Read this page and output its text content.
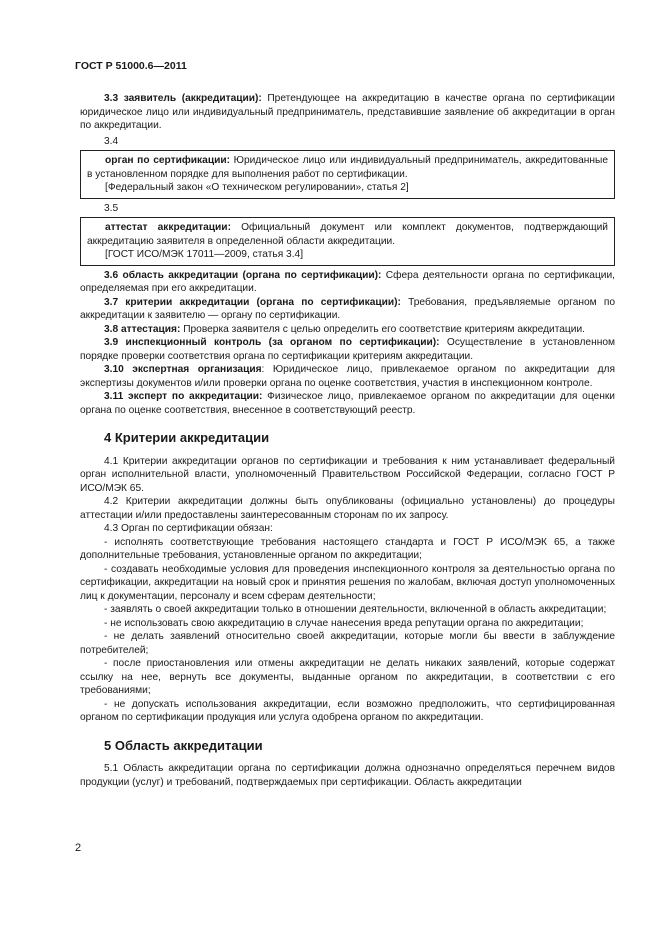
ГОСТ Р 51000.6—2011

3.3 заявитель (аккредитации): Претендующее на аккредитацию в качестве органа по сертификации юридическое лицо или индивидуальный предприниматель, представившие заявление об аккредитации в орган по аккредитации.

3.4

орган по сертификации: Юридическое лицо или индивидуальный предприниматель, аккредитованные в установленном порядке для выполнения работ по сертификации.

[Федеральный закон «О техническом регулировании», статья 2]

3.5

аттестат аккредитации: Официальный документ или комплект документов, подтверждающий аккредитацию заявителя в определенной области аккредитации.

[ГОСТ ИСО/МЭК 17011—2009, статья 3.4]

3.6 область аккредитации (органа по сертификации): Сфера деятельности органа по сертификации, определяемая при его аккредитации.

3.7 критерии аккредитации (органа по сертификации): Требования, предъявляемые органом по аккредитации к заявителю — органу по сертификации.

3.8 аттестация: Проверка заявителя с целью определить его соответствие критериям аккредитации.

3.9 инспекционный контроль (за органом по сертификации): Осуществление в установленном порядке проверки соответствия органа по сертификации критериям аккредитации.

3.10 экспертная организация: Юридическое лицо, привлекаемое органом по аккредитации для экспертизы документов и/или проверки органа по оценке соответствия, участия в инспекционном контроле.

3.11 эксперт по аккредитации: Физическое лицо, привлекаемое органом по аккредитации для оценки органа по оценке соответствия, внесенное в соответствующий реестр.

4 Критерии аккредитации

4.1 Критерии аккредитации органов по сертификации и требования к ним устанавливает федеральный орган исполнительной власти, уполномоченный Правительством Российской Федерации, согласно ГОСТ Р ИСО/МЭК 65.

4.2 Критерии аккредитации должны быть опубликованы (официально установлены) до процедуры аттестации и/или предоставлены заинтересованным сторонам по их запросу.

4.3 Орган по сертификации обязан:

- исполнять соответствующие требования настоящего стандарта и ГОСТ Р ИСО/МЭК 65, а также дополнительные требования, установленные органом по аккредитации;

- создавать необходимые условия для проведения инспекционного контроля за деятельностью органа по сертификации, аккредитации на новый срок и принятия решения по жалобам, включая доступ уполномоченных лиц к документации, персоналу и всем сферам деятельности;

- заявлять о своей аккредитации только в отношении деятельности, включенной в область аккредитации;

- не использовать свою аккредитацию в случае нанесения вреда репутации органа по аккредитации;

- не делать заявлений относительно своей аккредитации, которые могли бы ввести в заблуждение потребителей;

- после приостановления или отмены аккредитации не делать никаких заявлений, которые содержат ссылку на нее, вернуть все документы, выданные органом по аккредитации, в соответствии с его требованиями;

- не допускать использования аккредитации, если возможно предположить, что сертифицированная органом по сертификации продукция или услуга одобрена органом по аккредитации.

5 Область аккредитации

5.1 Область аккредитации органа по сертификации должна однозначно определяться перечнем видов продукции (услуг) и требований, подтверждаемых при сертификации. Область аккредитации

2
